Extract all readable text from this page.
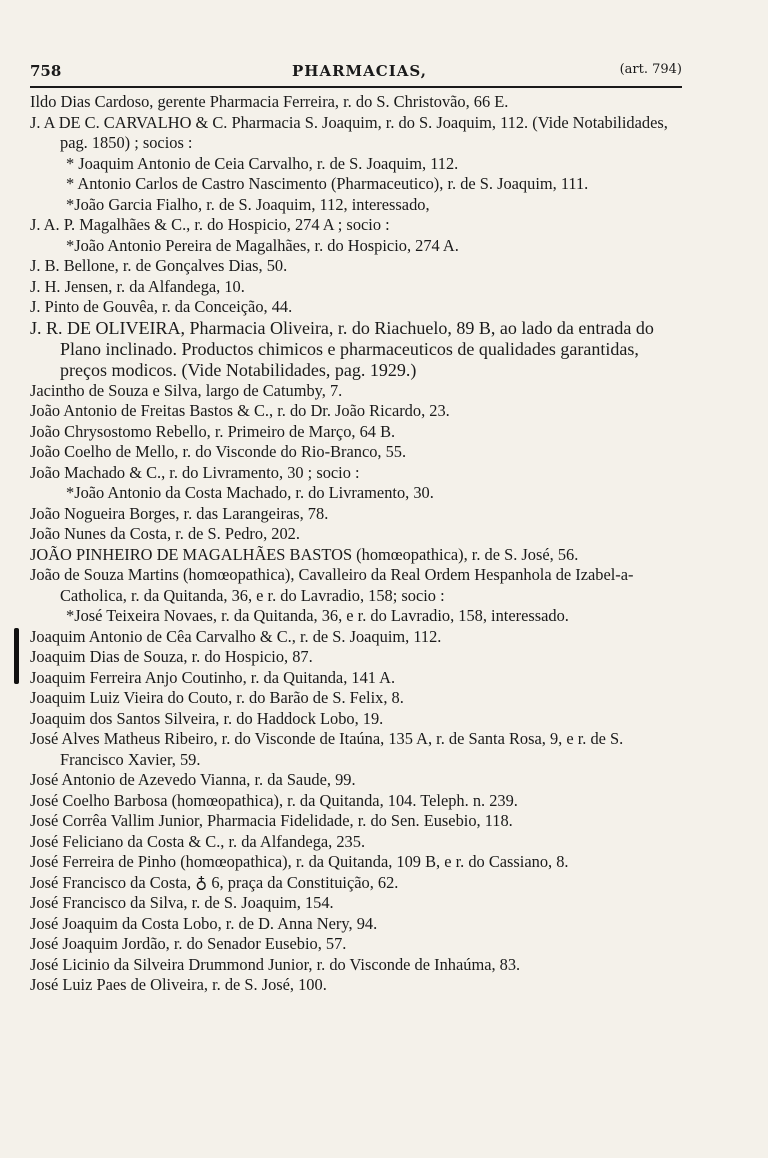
758	PHARMACIAS,	(art. 794)
Ildo Dias Cardoso, gerente Pharmacia Ferreira, r. do S. Christovão, 66 E.
J. A DE C. CARVALHO & C. Pharmacia S. Joaquim, r. do S. Joaquim, 112. (Vide Notabilidades, pag. 1850) ; socios :
* Joaquim Antonio de Ceia Carvalho, r. de S. Joaquim, 112.
* Antonio Carlos de Castro Nascimento (Pharmaceutico), r. de S. Joaquim, 111.
*João Garcia Fialho, r. de S. Joaquim, 112, interessado,
J. A. P. Magalhães & C., r. do Hospicio, 274 A ; socio :
*João Antonio Pereira de Magalhães, r. do Hospicio, 274 A.
J. B. Bellone, r. de Gonçalves Dias, 50.
J. H. Jensen, r. da Alfandega, 10.
J. Pinto de Gouvêa, r. da Conceição, 44.
J. R. DE OLIVEIRA, Pharmacia Oliveira, r. do Riachuelo, 89 B, ao lado da entrada do Plano inclinado. Productos chimicos e pharmaceuticos de qualidades garantidas, preços modicos. (Vide Notabilidades, pag. 1929.)
Jacintho de Souza e Silva, largo de Catumby, 7.
João Antonio de Freitas Bastos & C., r. do Dr. João Ricardo, 23.
João Chrysostomo Rebello, r. Primeiro de Março, 64 B.
João Coelho de Mello, r. do Visconde do Rio-Branco, 55.
João Machado & C., r. do Livramento, 30 ; socio :
*João Antonio da Costa Machado, r. do Livramento, 30.
João Nogueira Borges, r. das Larangeiras, 78.
João Nunes da Costa, r. de S. Pedro, 202.
JOÃO PINHEIRO DE MAGALHÃES BASTOS (homœopathica), r. de S. José, 56.
João de Souza Martins (homœopathica), Cavalleiro da Real Ordem Hespanhola de Izabel-a-Catholica, r. da Quitanda, 36, e r. do Lavradio, 158; socio :
*José Teixeira Novaes, r. da Quitanda, 36, e r. do Lavradio, 158, interessado.
Joaquim Antonio de Cêa Carvalho & C., r. de S. Joaquim, 112.
Joaquim Dias de Souza, r. do Hospicio, 87.
Joaquim Ferreira Anjo Coutinho, r. da Quitanda, 141 A.
Joaquim Luiz Vieira do Couto, r. do Barão de S. Felix, 8.
Joaquim dos Santos Silveira, r. do Haddock Lobo, 19.
José Alves Matheus Ribeiro, r. do Visconde de Itaúna, 135 A, r. de Santa Rosa, 9, e r. de S. Francisco Xavier, 59.
José Antonio de Azevedo Vianna, r. da Saude, 99.
José Coelho Barbosa (homœopathica), r. da Quitanda, 104. Teleph. n. 239.
José Corrêa Vallim Junior, Pharmacia Fidelidade, r. do Sen. Eusebio, 118.
José Feliciano da Costa & C., r. da Alfandega, 235.
José Ferreira de Pinho (homœopathica), r. da Quitanda, 109 B, e r. do Cassiano, 8.
José Francisco da Costa, ♁ 6, praça da Constituição, 62.
José Francisco da Silva, r. de S. Joaquim, 154.
José Joaquim da Costa Lobo, r. de D. Anna Nery, 94.
José Joaquim Jordão, r. do Senador Eusebio, 57.
José Licinio da Silveira Drummond Junior, r. do Visconde de Inhaúma, 83.
José Luiz Paes de Oliveira, r. de S. José, 100.
